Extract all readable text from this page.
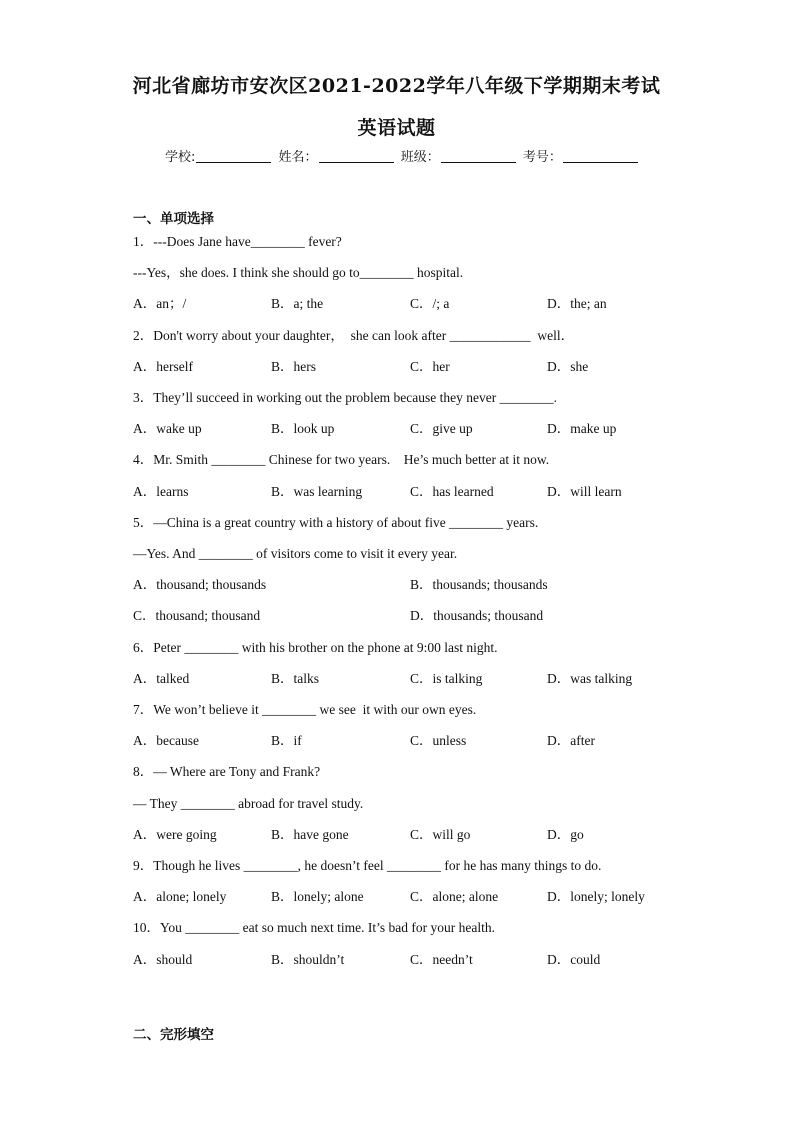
河北省廊坊市安次区2021-2022学年八年级下学期期末考试
英语试题
学校:	姓名：	班级：	考号：
一、单项选择
1．---Does Jane have________ fever?
---Yes，she does. I think she should go to________ hospital.
A．an；/	B．a; the	C．/; a	D．the; an
2．Don't worry about your daughter，  she can look after ____________  well．
A．herself	B．hers	C．her	D．she
3．They’ll succeed in working out the problem because they never ________.
A．wake up	B．look up	C．give up	D．make up
4．Mr. Smith ________ Chinese for two years.    He’s much better at it now.
A．learns	B．was learning	C．has learned	D．will learn
5．—China is a great country with a history of about five ________ years.
—Yes. And ________ of visitors come to visit it every year.
A．thousand; thousands	B．thousands; thousands
C．thousand; thousand	D．thousands; thousand
6．Peter ________ with his brother on the phone at 9:00 last night.
A．talked	B．talks	C．is talking	D．was talking
7．We won’t believe it ________ we see  it with our own eyes.
A．because	B．if	C．unless	D．after
8．— Where are Tony and Frank?
— They ________ abroad for travel study.
A．were going	B．have gone	C．will go	D．go
9．Though he lives ________, he doesn’t feel ________ for he has many things to do.
A．alone; lonely	B．lonely; alone	C．alone; alone	D．lonely; lonely
10．You ________ eat so much next time. It’s bad for your health.
A．should	B．shouldn’t	C．needn’t	D．could
二、完形填空
